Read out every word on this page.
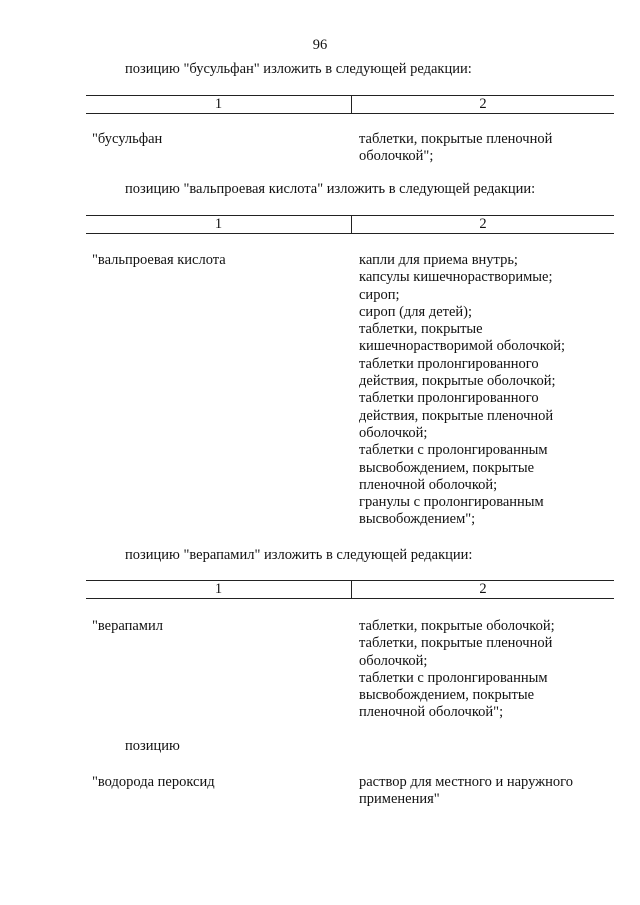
96
позицию "бусульфан" изложить в следующей редакции:
1	2
"бусульфан	таблетки, покрытые пленочной
оболочкой";
позицию "вальпроевая кислота" изложить в следующей редакции:
1	2
"вальпроевая кислота	капли для приема внутрь;
капсулы кишечнорастворимые;
сироп;
сироп (для детей);
таблетки, покрытые
кишечнорастворимой оболочкой;
таблетки пролонгированного
действия, покрытые оболочкой;
таблетки пролонгированного
действия, покрытые пленочной
оболочкой;
таблетки с пролонгированным
высвобождением, покрытые
пленочной оболочкой;
гранулы с пролонгированным
высвобождением";
позицию "верапамил" изложить в следующей редакции:
1	2
"верапамил	таблетки, покрытые оболочкой;
таблетки, покрытые пленочной
оболочкой;
таблетки с пролонгированным
высвобождением, покрытые
пленочной оболочкой";
позицию
"водорода пероксид	раствор для местного и наружного
применения"
